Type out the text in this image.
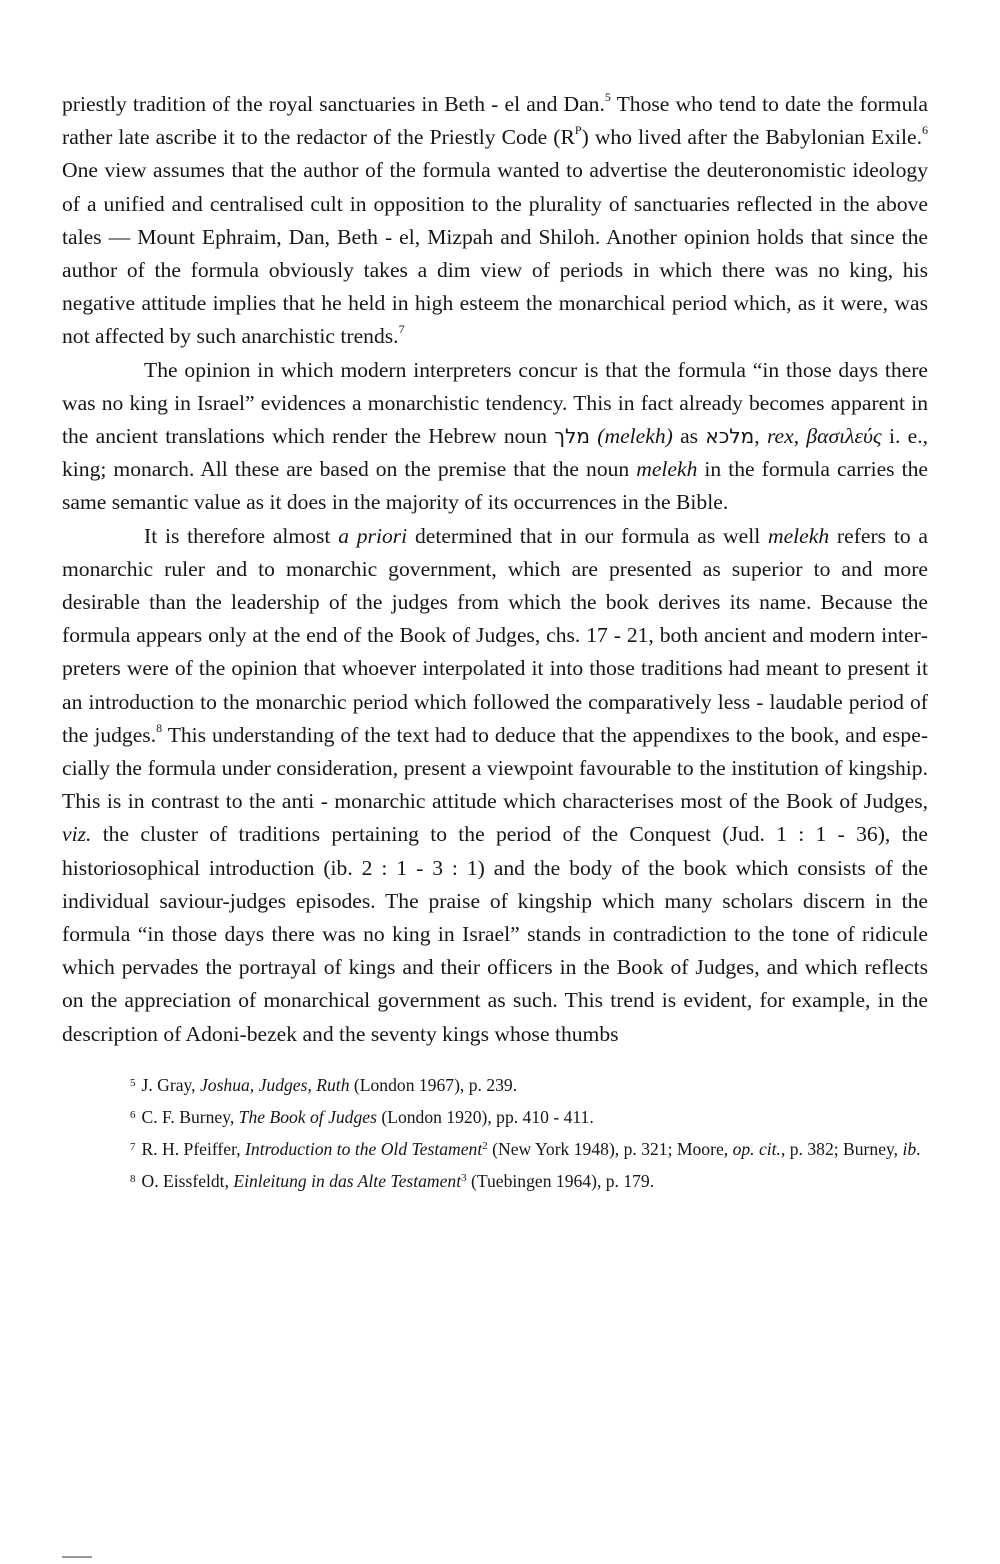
priestly tradition of the royal sanctuaries in Beth - el and Dan.$^5$ Those who tend to date the formula rather late ascribe it to the redactor of the Priestly Code $(R^P)$ who lived after the Babylonian Exile.$^6$ One view assumes that the author of the formula wanted to advertise the deuteronomistic ideology of a unified and centralised cult in opposition to the plurality of sanctuaries reflected in the above tales — Mount Ephraim, Dan, Beth - el, Mizpah and Shiloh. Another opinion holds that since the author of the formula obviously takes a dim view of periods in which there was no king, his negative attitude implies that he held in high esteem the monarchical period which, as it were, was not affected by such anarchistic trends.$^7$

The opinion in which modern interpreters concur is that the formula “in those days there was no king in Israel” evidences a monarchistic tendency. This in fact already becomes apparent in the ancient translations which render the Hebrew noun מלך (melekh) as מלכא, rex, βασιλεύς i. e., king; monarch. All these are based on the premise that the noun melekh in the formula carries the same semantic value as it does in the majority of its occurrences in the Bible.

It is therefore almost a priori determined that in our formula as well melekh refers to a monarchic ruler and to monarchic government, which are presented as superior to and more desirable than the leadership of the judges from which the book derives its name. Because the formula appears only at the end of the Book of Judges, chs. 17 - 21, both ancient and modern interpreters were of the opinion that whoever interpolated it into those traditions had meant to present it an introduction to the monarchic period which followed the comparatively less - laudable period of the judges.$^8$ This understanding of the text had to deduce that the appendixes to the book, and especially the formula under consideration, present a viewpoint favourable to the institution of kingship. This is in contrast to the anti - monarchic attitude which characterises most of the Book of Judges, viz. the cluster of traditions pertaining to the period of the Conquest (Jud. 1 : 1 - 36), the historiosophical introduction (ib. 2 : 1 - 3 : 1) and the body of the book which consists of the individual saviour-judges episodes. The praise of kingship which many scholars discern in the formula “in those days there was no king in Israel” stands in contradiction to the tone of ridicule which pervades the portrayal of kings and their officers in the Book of Judges, and which reflects on the appreciation of monarchical government as such. This trend is evident, for example, in the description of Adoni-bezek and the seventy kings whose thumbs

$^5$ J. Gray, Joshua, Judges, Ruth (London 1967), p. 239.

$^6$ C. F. Burney, The Book of Judges (London 1920), pp. 410 - 411.

$^7$ R. H. Pfeiffer, Introduction to the Old Testament$^2$ (New York 1948), p. 321; Moore, op. cit., p. 382; Burney, ib.

$^8$ O. Eissfeldt, Einleitung in das Alte Testament$^3$ (Tuebingen 1964), p. 179.
